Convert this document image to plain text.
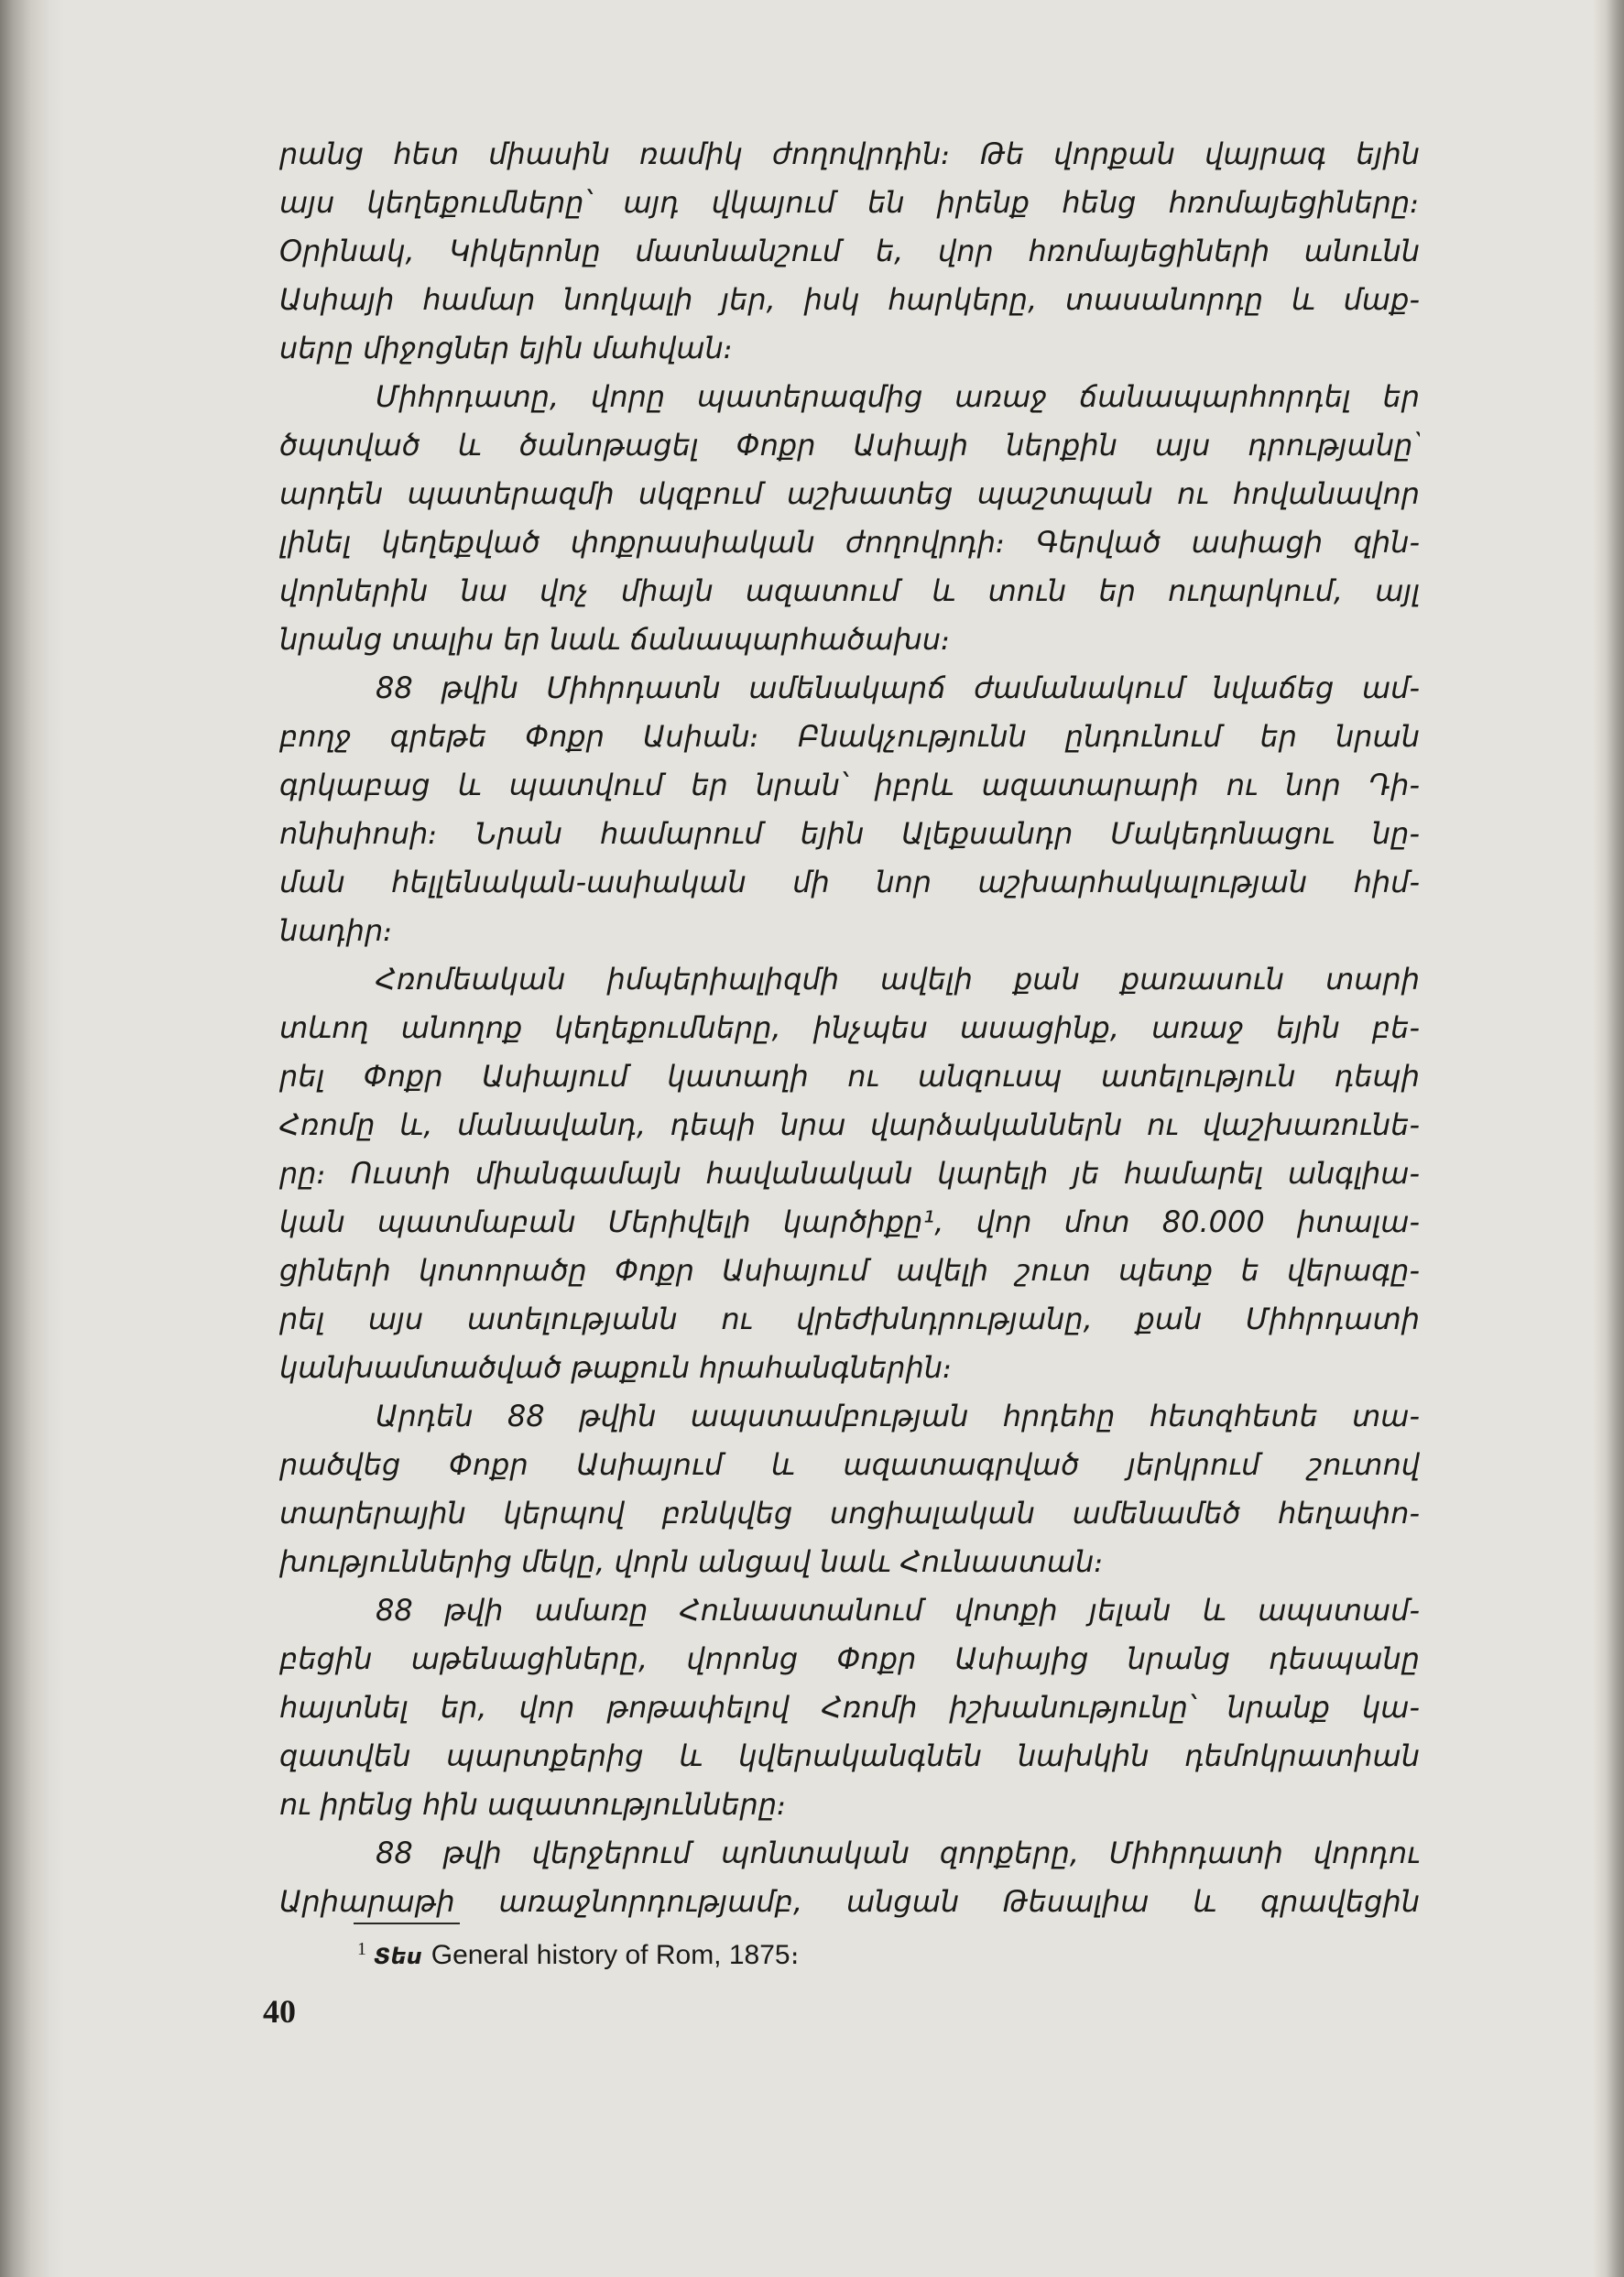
րանց հետ միասին ռամիկ ժողովրդին։ Թե վորքան վայրագ եյին
այս կեղեքումները՝ այդ վկայում են իրենք հենց հռոմայեցիները։
Օրինակ, Կիկերոնը մատնանշում ե, վոր հռոմայեցիների անունն
Ասիայի համար նողկալի յեր, իսկ հարկերը, տասանորդը և մաք-
սերը միջոցներ եյին մահվան։
Միհրդատը, վորը պատերազմից առաջ ճանապարհորդել եր
ծպտված և ծանոթացել Փոքր Ասիայի ներքին այս դրությանը՝
արդեն պատերազմի սկզբում աշխատեց պաշտպան ու հովանավոր
լինել կեղեքված փոքրասիական ժողովրդի։ Գերված ասիացի զին-
վորներին նա վոչ միայն ազատում և տուն եր ուղարկում, այլ
նրանց տալիս եր նաև ճանապարհածախս։
88 թվին Միհրդատն ամենակարճ ժամանակում նվաճեց ամ-
բողջ գրեթե Փոքր Ասիան։ Բնակչությունն ընդունում եր նրան
գրկաբաց և պատվում եր նրան՝ իբրև ազատարարի ու նոր Դի-
ոնիսիոսի։ Նրան համարում եյին Ալեքսանդր Մակեդոնացու նը-
ման հելլենական-ասիական մի նոր աշխարհակալության հիմ-
նադիր։
Հռոմեական իմպերիալիզմի ավելի քան քառասուն տարի
տևող անողոք կեղեքումները, ինչպես ասացինք, առաջ եյին բե-
րել Փոքր Ասիայում կատաղի ու անզուսպ ատելություն դեպի
Հռոմը և, մանավանդ, դեպի նրա վարձականներն ու վաշխառունե-
րը։ Ուստի միանգամայն հավանական կարելի յե համարել անգլիա-
կան պատմաբան Մերիվելի կարծիքը¹, վոր մոտ 80.000 իտալա-
ցիների կոտորածը Փոքր Ասիայում ավելի շուտ պետք ե վերագը-
րել այս ատելությանն ու վրեժխնդրությանը, քան Միհրդատի
կանխամտածված թաքուն հրահանգներին։
Արդեն 88 թվին ապստամբության հրդեհը հետզհետե տա-
րածվեց Փոքր Ասիայում և ազատագրված յերկրում շուտով
տարերային կերպով բռնկվեց սոցիալական ամենամեծ հեղափո-
խություններից մեկը, վորն անցավ նաև Հունաստան։
88 թվի ամառը Հունաստանում վոտքի յելան և ապստամ-
բեցին աթենացիները, վորոնց Փոքր Ասիայից նրանց դեսպանը
հայտնել եր, վոր թոթափելով Հռոմի իշխանությունը՝ նրանք կա-
զատվեն պարտքերից և կվերականգնեն նախկին դեմոկրատիան
ու իրենց հին ազատությունները։
88 թվի վերջերում պոնտական զորքերը, Միհրդատի վորդու
Արիարաթի առաջնորդությամբ, անցան Թեսալիա և գրավեցին
1 Տես General history of Rom, 1875։
40
